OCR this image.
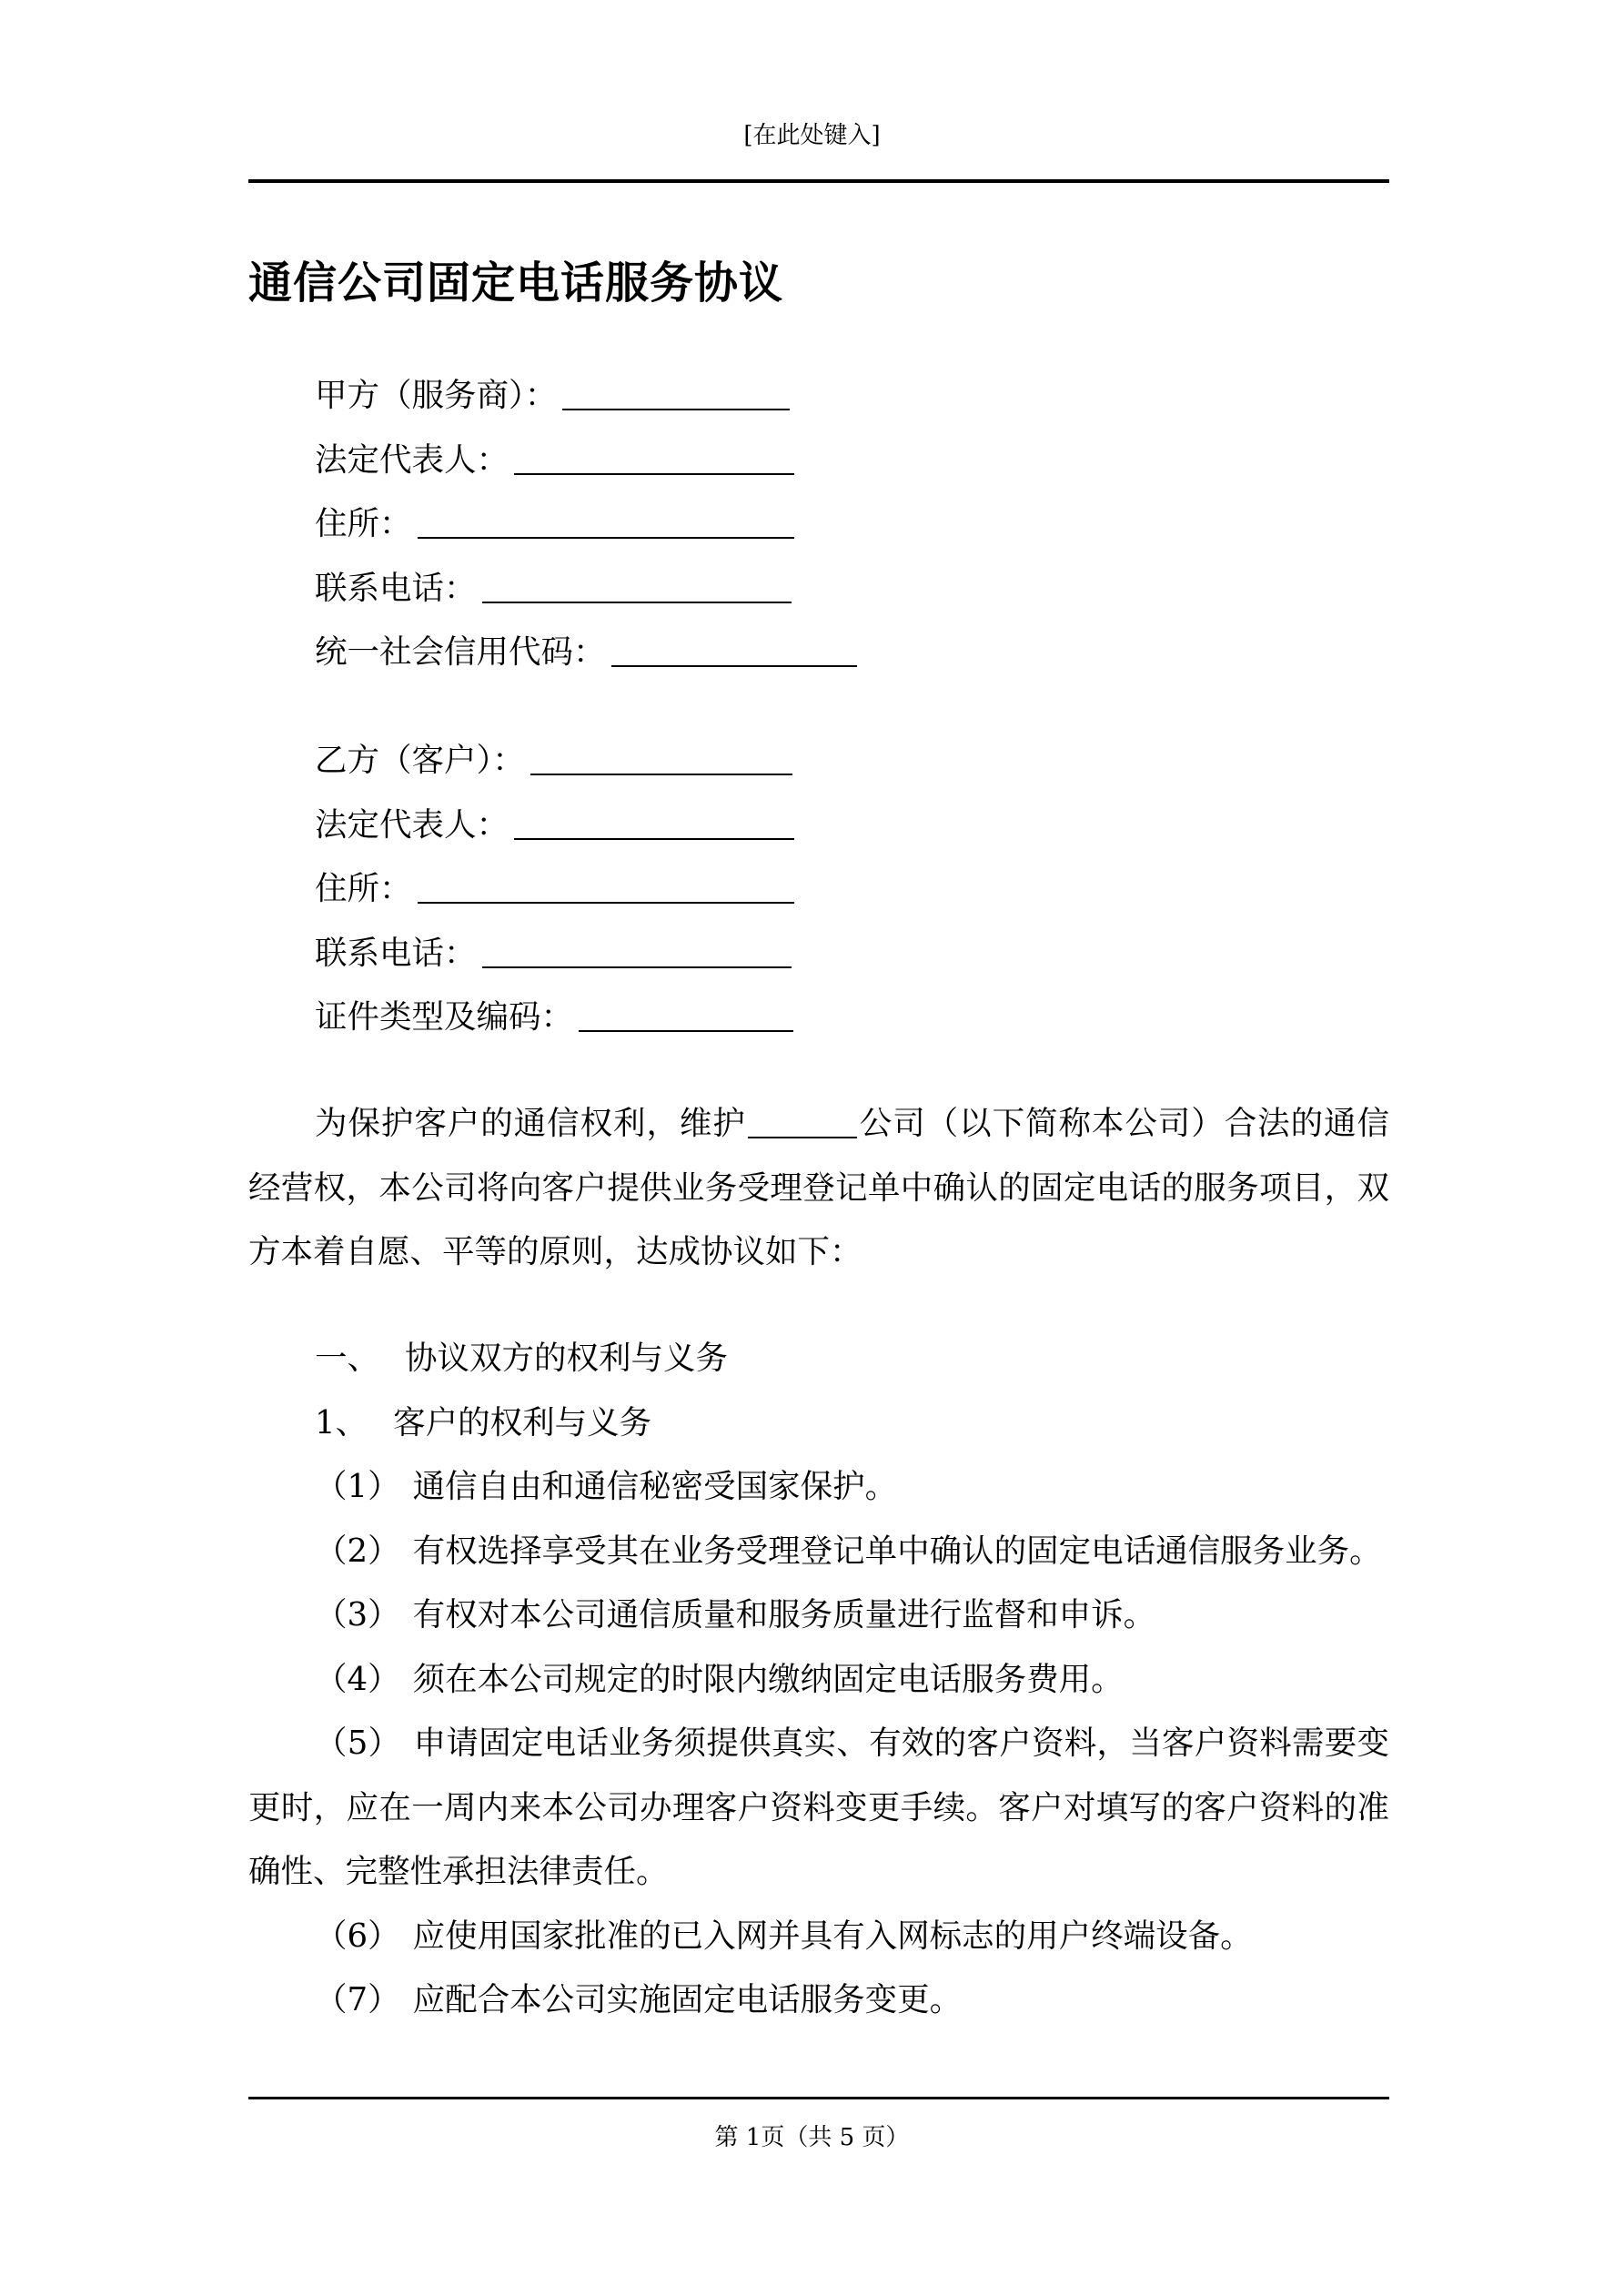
[在此处键入]
通信公司固定电话服务协议
甲方（服务商）：
法定代表人：
住所：
联系电话：
统一社会信用代码：
乙方（客户）：
法定代表人：
住所：
联系电话：
证件类型及编码：
为保护客户的通信权利，维护	公司（以下简称本公司）合法的通信经营权，本公司将向客户提供业务受理登记单中确认的固定电话的服务项目，双方本着自愿、平等的原则，达成协议如下：
一、 协议双方的权利与义务
1、 客户的权利与义务
（1） 通信自由和通信秘密受国家保护。
（2） 有权选择享受其在业务受理登记单中确认的固定电话通信服务业务。
（3） 有权对本公司通信质量和服务质量进行监督和申诉。
（4） 须在本公司规定的时限内缴纳固定电话服务费用。
（5） 申请固定电话业务须提供真实、有效的客户资料，当客户资料需要变更时，应在一周内来本公司办理客户资料变更手续。客户对填写的客户资料的准确性、完整性承担法律责任。
（6） 应使用国家批准的已入网并具有入网标志的用户终端设备。
（7） 应配合本公司实施固定电话服务变更。
第 1页（共 5 页）
